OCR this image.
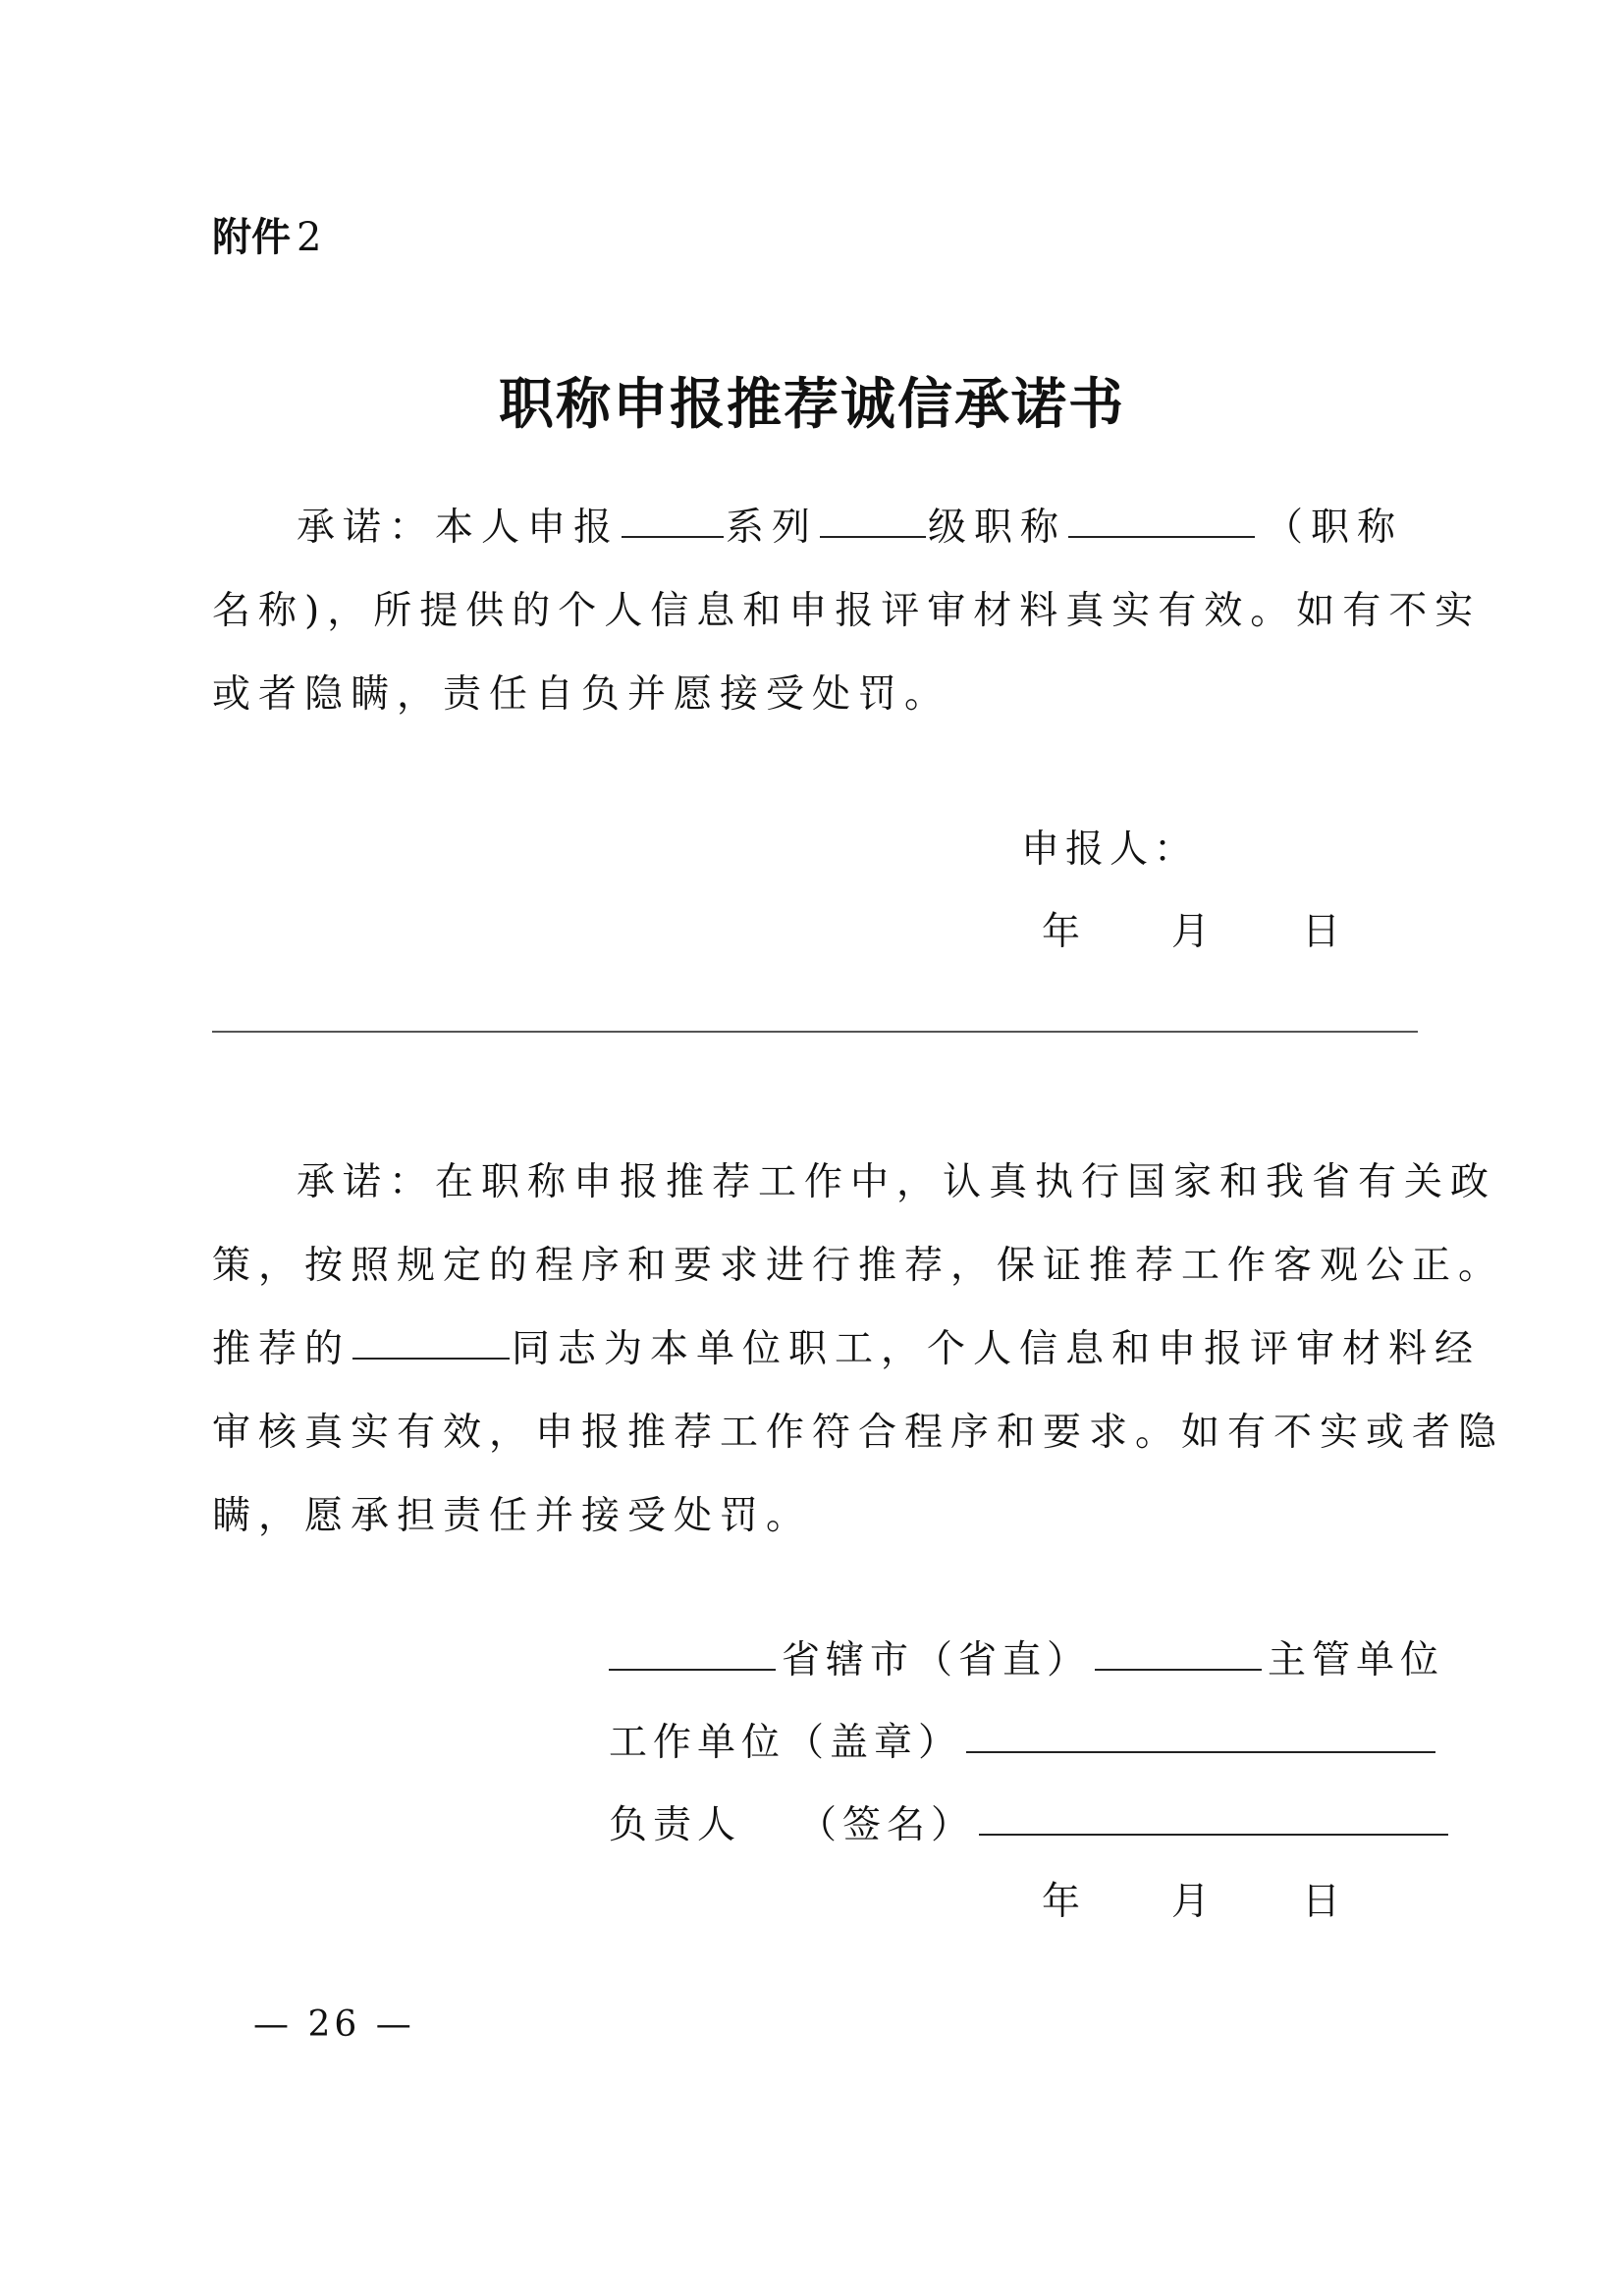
附件 2
职称申报推荐诚信承诺书
承诺：本人申报	系列	级职称	（职称
名称)，所提供的个人信息和申报评审材料真实有效。如有不实
或者隐瞒，责任自负并愿接受处罚。
申报人：
年 月 日
承诺：在职称申报推荐工作中，认真执行国家和我省有关政
策，按照规定的程序和要求进行推荐，保证推荐工作客观公正。
推荐的	同志为本单位职工，个人信息和申报评审材料经
审核真实有效，申报推荐工作符合程序和要求。如有不实或者隐
瞒，愿承担责任并接受处罚。
省辖市（省直）	主管单位
工作单位（盖章）
负责人 （签名）
年 月 日
— 26 —
